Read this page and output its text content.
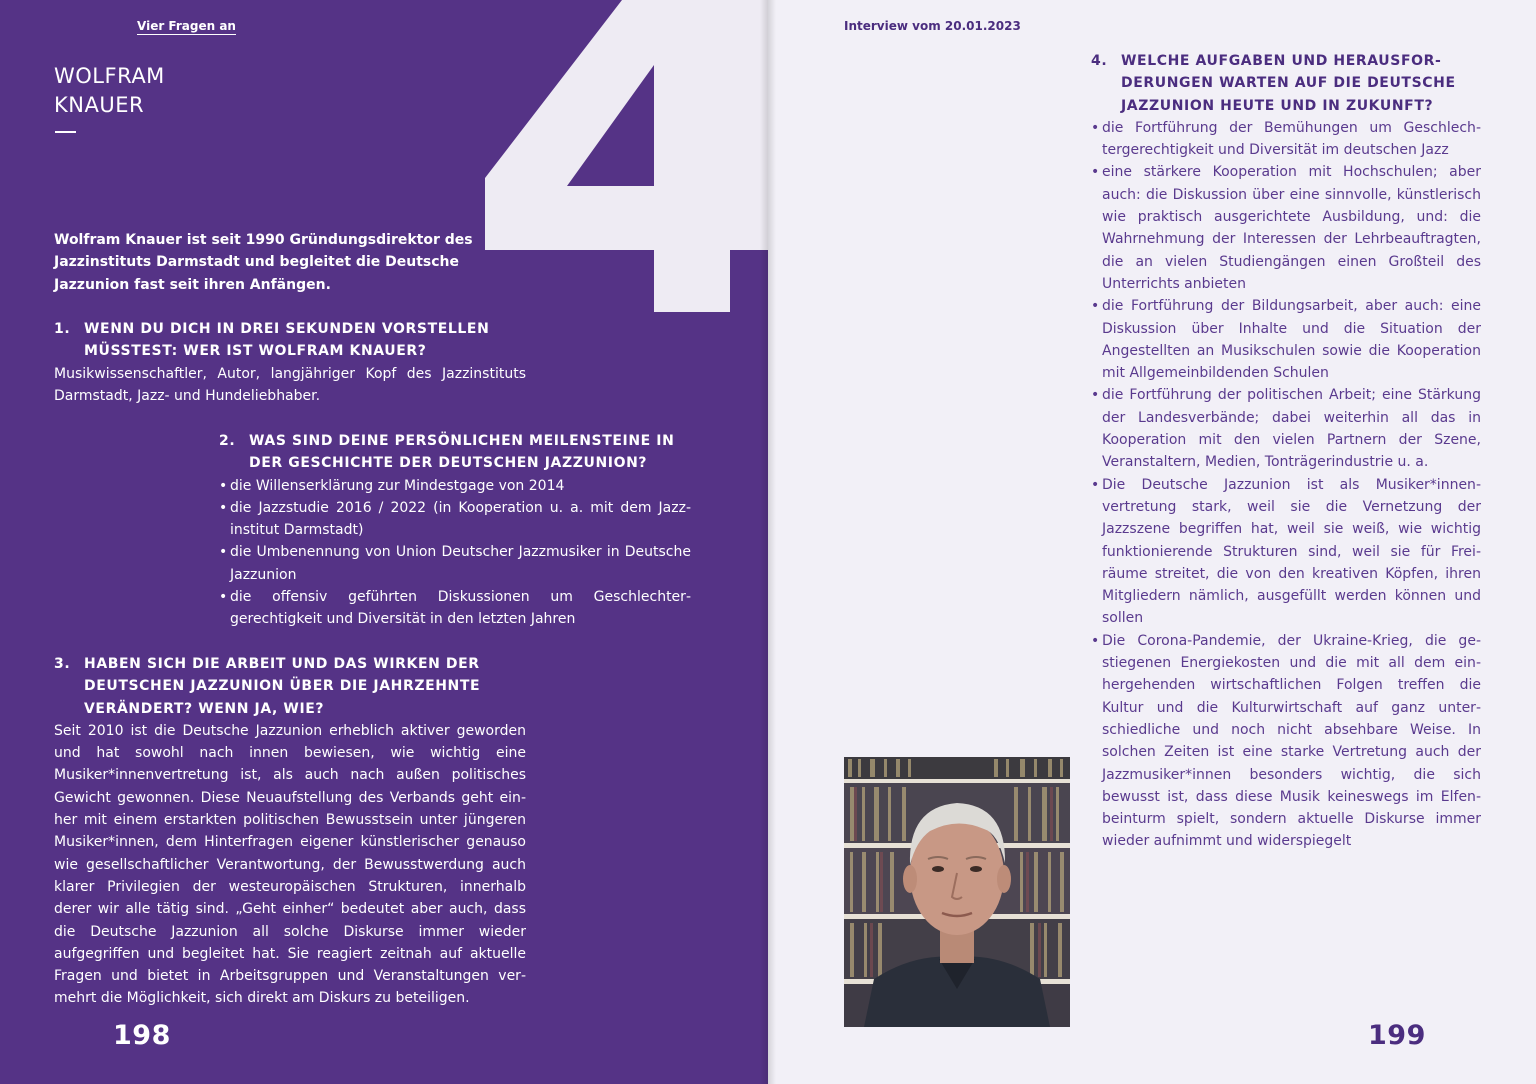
Vier Fragen an
WOLFRAM
KNAUER
4
Wolfram Knauer ist seit 1990 Gründungsdirektor des Jazzinstituts Darmstadt und begleitet die Deutsche Jazzunion fast seit ihren Anfängen.
1. WENN DU DICH IN DREI SEKUNDEN VORSTELLEN MÜSSTEST: WER IST WOLFRAM KNAUER?

Musikwissenschaftler, Autor, langjähriger Kopf des Jazzinstituts Darmstadt, Jazz- und Hundeliebhaber.

2. WAS SIND DEINE PERSÖNLICHEN MEILENSTEINE IN DER GESCHICHTE DER DEUTSCHEN JAZZUNION?
• die Willenserklärung zur Mindestgage von 2014
• die Jazzstudie 2016 / 2022 (in Kooperation u. a. mit dem Jazzinstitut Darmstadt)
• die Umbenennung von Union Deutscher Jazzmusiker in Deutsche Jazzunion
• die offensiv geführten Diskussionen um Geschlechtergerechtigkeit und Diversität in den letzten Jahren
3. HABEN SICH DIE ARBEIT UND DAS WIRKEN DER DEUTSCHEN JAZZUNION ÜBER DIE JAHRZEHNTE VERÄNDERT? WENN JA, WIE?

Seit 2010 ist die Deutsche Jazzunion erheblich aktiver geworden und hat sowohl nach innen bewiesen, wie wichtig eine Musiker*innenvertretung ist, als auch nach außen politisches Gewicht gewonnen. Diese Neuaufstellung des Verbands geht einher mit einem erstarkten politischen Bewusstsein unter jüngeren Musiker*innen, dem Hinterfragen eigener künstlerischer genauso wie gesellschaftlicher Verantwortung, der Bewusstwerdung auch klarer Privilegien der westeuropäischen Strukturen, innerhalb derer wir alle tätig sind. „Geht einher“ bedeutet aber auch, dass die Deutsche Jazzunion all solche Diskurse immer wieder aufgegriffen und begleitet hat. Sie reagiert zeitnah auf aktuelle Fragen und bietet in Arbeitsgruppen und Veranstaltungen vermehrt die Möglichkeit, sich direkt am Diskurs zu beteiligen.

198
Interview vom 20.01.2023
4. WELCHE AUFGABEN UND HERAUSFORDERUNGEN WARTEN AUF DIE DEUTSCHE JAZZUNION HEUTE UND IN ZUKUNFT?
• die Fortführung der Bemühungen um Geschlechtergerechtigkeit und Diversität im deutschen Jazz
• eine stärkere Kooperation mit Hochschulen; aber auch: die Diskussion über eine sinnvolle, künstlerisch wie praktisch ausgerichtete Ausbildung, und: die Wahrnehmung der Interessen der Lehrbeauftragten, die an vielen Studiengängen einen Großteil des Unterrichts anbieten
• die Fortführung der Bildungsarbeit, aber auch: eine Diskussion über Inhalte und die Situation der Angestellten an Musikschulen sowie die Kooperation mit Allgemeinbildenden Schulen
• die Fortführung der politischen Arbeit; eine Stärkung der Landesverbände; dabei weiterhin all das in Kooperation mit den vielen Partnern der Szene, Veranstaltern, Medien, Tonträgerindustrie u. a.
• Die Deutsche Jazzunion ist als Musiker*innenvertretung stark, weil sie die Vernetzung der Jazzszene begriffen hat, weil sie weiß, wie wichtig funktionierende Strukturen sind, weil sie für Freiräume streitet, die von den kreativen Köpfen, ihren Mitgliedern nämlich, ausgefüllt werden können und sollen
• Die Corona-Pandemie, der Ukraine-Krieg, die gestiegenen Energiekosten und die mit all dem einhergehenden wirtschaftlichen Folgen treffen die Kultur und die Kulturwirtschaft auf ganz unterschiedliche und noch nicht absehbare Weise. In solchen Zeiten ist eine starke Vertretung auch der Jazzmusiker*innen besonders wichtig, die sich bewusst ist, dass diese Musik keineswegs im Elfenbeinturm spielt, sondern aktuelle Diskurse immer wieder aufnimmt und widerspiegelt
199
